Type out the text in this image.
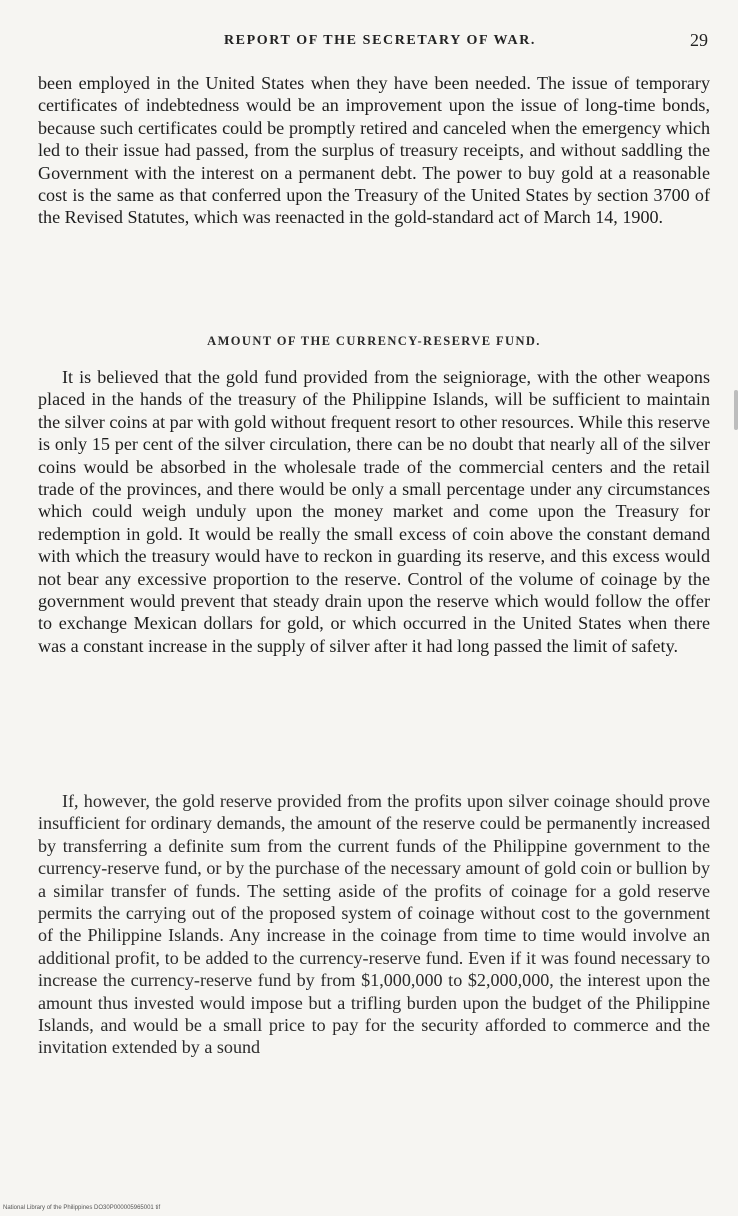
REPORT OF THE SECRETARY OF WAR.	29

been employed in the United States when they have been needed. The issue of temporary certificates of indebtedness would be an improvement upon the issue of long-time bonds, because such certificates could be promptly retired and canceled when the emergency which led to their issue had passed, from the surplus of treasury receipts, and without saddling the Government with the interest on a permanent debt. The power to buy gold at a reasonable cost is the same as that conferred upon the Treasury of the United States by section 3700 of the Revised Statutes, which was reenacted in the gold-standard act of March 14, 1900.

AMOUNT OF THE CURRENCY-RESERVE FUND.

It is believed that the gold fund provided from the seigniorage, with the other weapons placed in the hands of the treasury of the Philippine Islands, will be sufficient to maintain the silver coins at par with gold without frequent resort to other resources. While this reserve is only 15 per cent of the silver circulation, there can be no doubt that nearly all of the silver coins would be absorbed in the wholesale trade of the commercial centers and the retail trade of the provinces, and there would be only a small percentage under any circumstances which could weigh unduly upon the money market and come upon the Treasury for redemption in gold. It would be really the small excess of coin above the constant demand with which the treasury would have to reckon in guarding its reserve, and this excess would not bear any excessive proportion to the reserve. Control of the volume of coinage by the government would prevent that steady drain upon the reserve which would follow the offer to exchange Mexican dollars for gold, or which occurred in the United States when there was a constant increase in the supply of silver after it had long passed the limit of safety.

If, however, the gold reserve provided from the profits upon silver coinage should prove insufficient for ordinary demands, the amount of the reserve could be permanently increased by transferring a definite sum from the current funds of the Philippine government to the currency-reserve fund, or by the purchase of the necessary amount of gold coin or bullion by a similar transfer of funds. The setting aside of the profits of coinage for a gold reserve permits the carrying out of the proposed system of coinage without cost to the government of the Philippine Islands. Any increase in the coinage from time to time would involve an additional profit, to be added to the currency-reserve fund. Even if it was found necessary to increase the currency-reserve fund by from $1,000,000 to $2,000,000, the interest upon the amount thus invested would impose but a trifling burden upon the budget of the Philippine Islands, and would be a small price to pay for the security afforded to commerce and the invitation extended by a sound

National Library of the Philippines DO30P000005965001 tif
